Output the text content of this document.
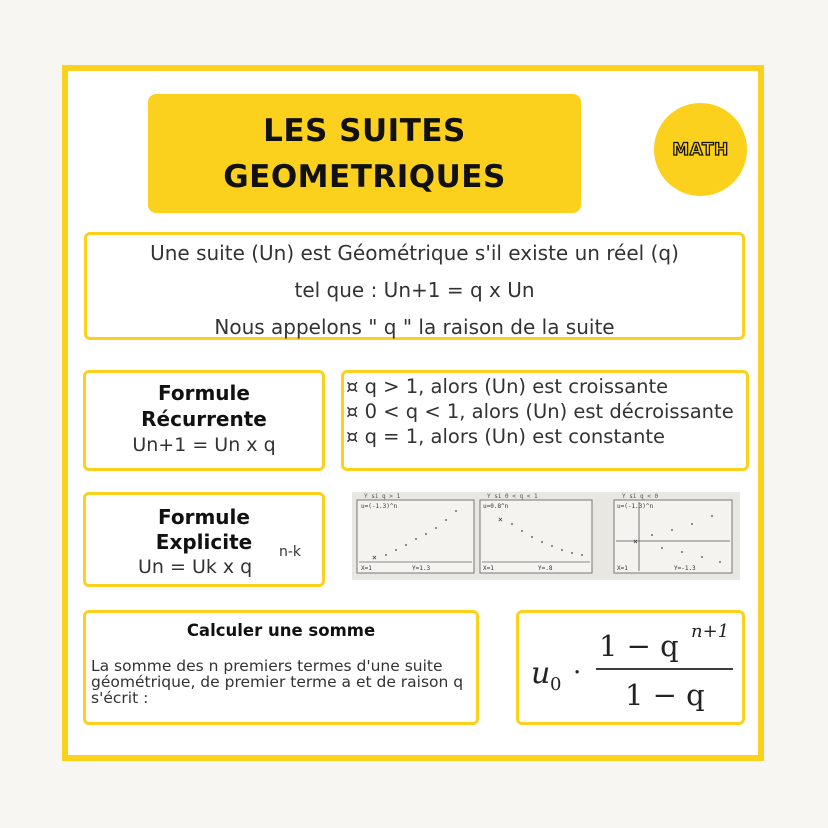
LES SUITES
GEOMETRIQUES
MATH
Une suite (Un) est Géométrique s'il existe un réel (q)
tel que : Un+1 = q x Un
Nous appelons " q " la raison de la suite
Formule
Récurrente
Un+1 = Un x q
¤ q > 1, alors (Un) est croissante
¤ 0 < q < 1, alors (Un) est décroissante
¤ q = 1, alors (Un) est constante
Formule
Explicite
Un = Uk x q
n-k
Y si q > 1
u=(-1.3)^n
X=1	Y=1.3
×
Y si 0 < q < 1
u=0.8^n
X=1	Y=.8
×
Y si q < 0
u=(-1.3)^n
X=1	Y=-1.3
×
Calculer une somme
La somme des n premiers termes d'une suite géométrique, de premier terme a et de raison q s'écrit :
u 0 ·
1 − q n+1
1 − q
